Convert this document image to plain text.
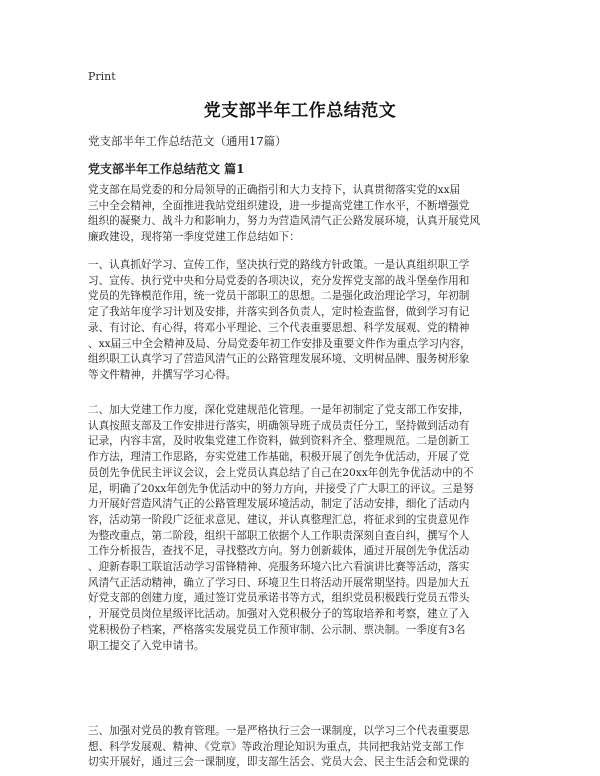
Print
党支部半年工作总结范文
党支部半年工作总结范文（通用17篇）
党支部半年工作总结范文 篇1

党支部在局党委的和分局领导的正确指引和大力支持下，认真贯彻落实党的xx届
三中全会精神，全面推进我站党组织建设，进一步提高党建工作水平，不断增强党
组织的凝聚力、战斗力和影响力，努力为营造风清气正公路发展环境，认真开展党风
廉政建设，现将第一季度党建工作总结如下：

一、认真抓好学习、宣传工作，坚决执行党的路线方针政策。一是认真组织职工学
习、宣传、执行党中央和分局党委的各项决议，充分发挥党支部的战斗堡垒作用和
党员的先锋模范作用，统一党员干部职工的思想。二是强化政治理论学习，年初制
定了我站年度学习计划及安排，并落实到各负责人，定时检查监督，做到学习有记
录、有讨论、有心得，将邓小平理论、三个代表重要思想、科学发展观、党的精神
、xx届三中全会精神及局、分局党委年初工作安排及重要文件作为重点学习内容，
组织职工认真学习了营造风清气正的公路管理发展环境、文明树品牌、服务树形象
等文件精神，并撰写学习心得。

二、加大党建工作力度，深化党建规范化管理。一是年初制定了党支部工作安排，
认真按照支部及工作安排进行落实，明确领导班子成员责任分工，坚持做到活动有
记录，内容丰富，及时收集党建工作资料，做到资料齐全、整理规范。二是创新工
作方法，理清工作思路，夯实党建工作基础，积极开展了创先争优活动，开展了党
员创先争优民主评议会议，会上党员认真总结了自己在20xx年创先争优活动中的不
足，明确了20xx年创先争优活动中的努力方向，并接受了广大职工的评议。三是努
力开展好营造风清气正的公路管理发展环境活动，制定了活动安排，细化了活动内
容，活动第一阶段广泛征求意见、建议，并认真整理汇总，将征求到的宝贵意见作
为整改重点，第二阶段，组织干部职工依据个人工作职责深刻自查自纠，撰写个人
工作分析报告，查找不足，寻找整改方向。努力创新载体，通过开展创先争优活动
、迎新春职工联谊活动学习雷锋精神、亮服务环境六比六看演讲比赛等活动，落实
风清气正活动精神，确立了学习日、环境卫生日将活动开展常期坚持。四是加大五
好党支部的创建力度，通过签订党员承诺书等方式，组织党员积极践行党员五带头
，开展党员岗位星级评比活动。加强对入党积极分子的笃取培养和考察，建立了入
党积极份子档案，严格落实发展党员工作预审制、公示制、票决制。一季度有3名
职工提交了入党申请书。

三、加强对党员的教育管理。一是严格执行三会一课制度，以学习三个代表重要思
想、科学发展观、精神、《党章》等政治理论知识为重点，共同把我站党支部工作
切实开展好，通过三会一课制度，即支部生活会、党员大会、民主生活会和党课的
